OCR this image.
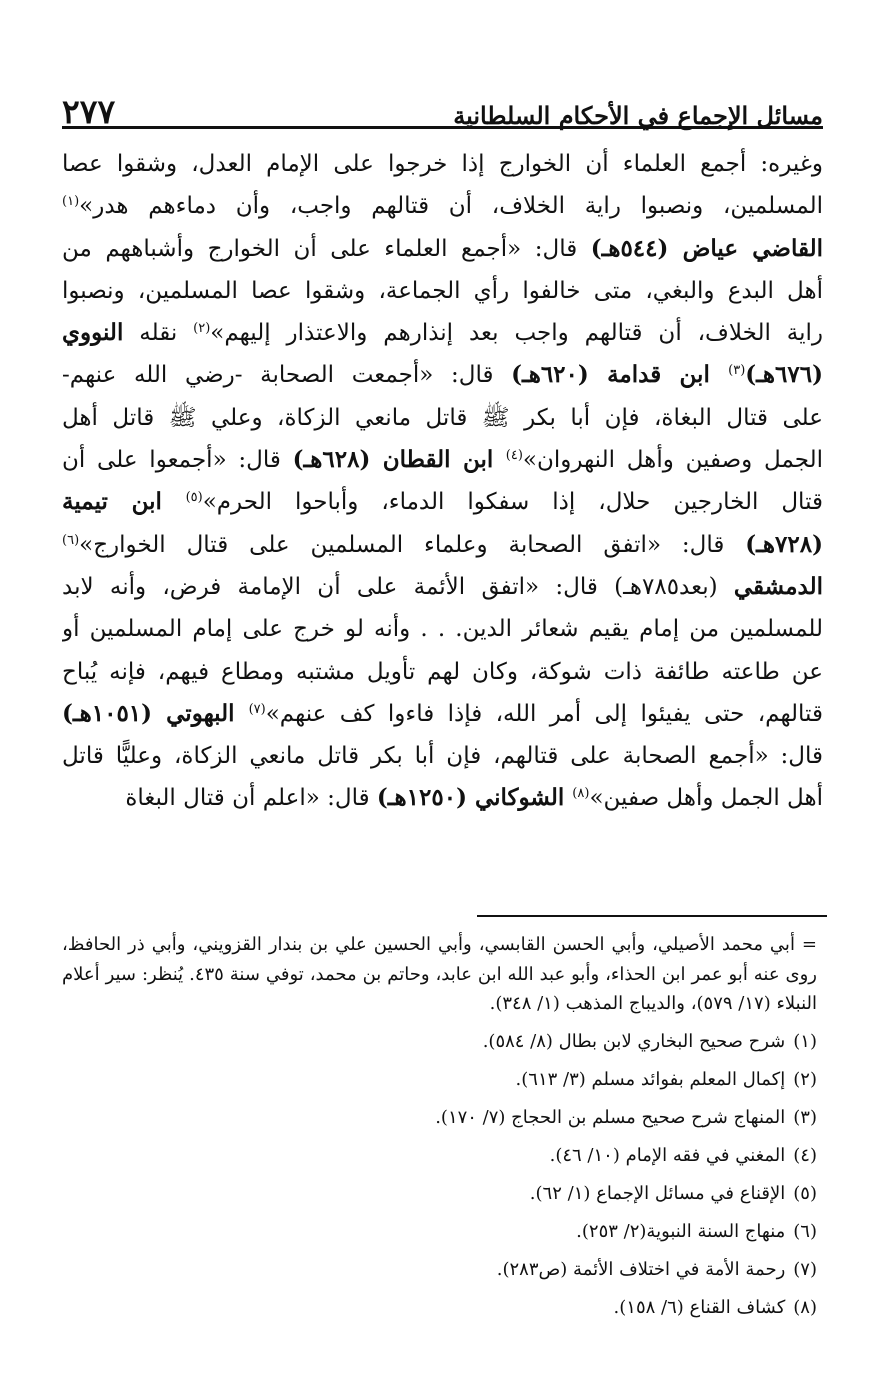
٢٧٧	مسائل الإجماع في الأحكام السلطانية
وغيره: أجمع العلماء أن الخوارج إذا خرجوا على الإمام العدل، وشقوا عصا
المسلمين، ونصبوا راية الخلاف، أن قتالهم واجب، وأن دماءهم هدر»$^{(١)}$
القاضي عياض (٥٤٤هـ) قال: «أجمع العلماء على أن الخوارج وأشباههم من
أهل البدع والبغي، متى خالفوا رأي الجماعة، وشقوا عصا المسلمين، ونصبوا
راية الخلاف، أن قتالهم واجب بعد إنذارهم والاعتذار إليهم»$^{(٢)}$ نقله النووي
(٦٧٦هـ)$^{(٣)}$ ابن قدامة (٦٢٠هـ) قال: «أجمعت الصحابة -رضي الله عنهم-
على قتال البغاة، فإن أبا بكر ﷺ قاتل مانعي الزكاة، وعلي ﷺ قاتل أهل
الجمل وصفين وأهل النهروان»$^{(٤)}$ ابن القطان (٦٢٨هـ) قال: «أجمعوا على أن
قتال الخارجين حلال، إذا سفكوا الدماء، وأباحوا الحرم»$^{(٥)}$ ابن تيمية
(٧٢٨هـ) قال: «اتفق الصحابة وعلماء المسلمين على قتال الخوارج»$^{(٦)}$
الدمشقي (بعد٧٨٥هـ) قال: «اتفق الأئمة على أن الإمامة فرض، وأنه لابد
للمسلمين من إمام يقيم شعائر الدين. . . وأنه لو خرج على إمام المسلمين أو
عن طاعته طائفة ذات شوكة، وكان لهم تأويل مشتبه ومطاع فيهم، فإنه يُباح
قتالهم، حتى يفيئوا إلى أمر الله، فإذا فاءوا كف عنهم»$^{(٧)}$ البهوتي (١٠٥١هـ)
قال: «أجمع الصحابة على قتالهم، فإن أبا بكر قاتل مانعي الزكاة، وعليًّا قاتل
أهل الجمل وأهل صفين»$^{(٨)}$ الشوكاني (١٢٥٠هـ) قال: «اعلم أن قتال البغاة
= أبي محمد الأصيلي، وأبي الحسن القابسي، وأبي الحسين علي بن بندار القزويني، وأبي ذر الحافظ، روى عنه أبو عمر ابن الحذاء، وأبو عبد الله ابن عابد، وحاتم بن محمد، توفي سنة ٤٣٥. يُنظر: سير أعلام النبلاء (١٧/ ٥٧٩)، والديباج المذهب (١/ ٣٤٨).
(١)شرح صحيح البخاري لابن بطال (٨/ ٥٨٤).
(٢)إكمال المعلم بفوائد مسلم (٣/ ٦١٣).
(٣)المنهاج شرح صحيح مسلم بن الحجاج (٧/ ١٧٠).
(٤)المغني في فقه الإمام (١٠/ ٤٦).
(٥)الإقناع في مسائل الإجماع (١/ ٦٢).
(٦)منهاج السنة النبوية(٢/ ٢٥٣).
(٧)رحمة الأمة في اختلاف الأئمة (ص٢٨٣).
(٨)كشاف القناع (٦/ ١٥٨).
